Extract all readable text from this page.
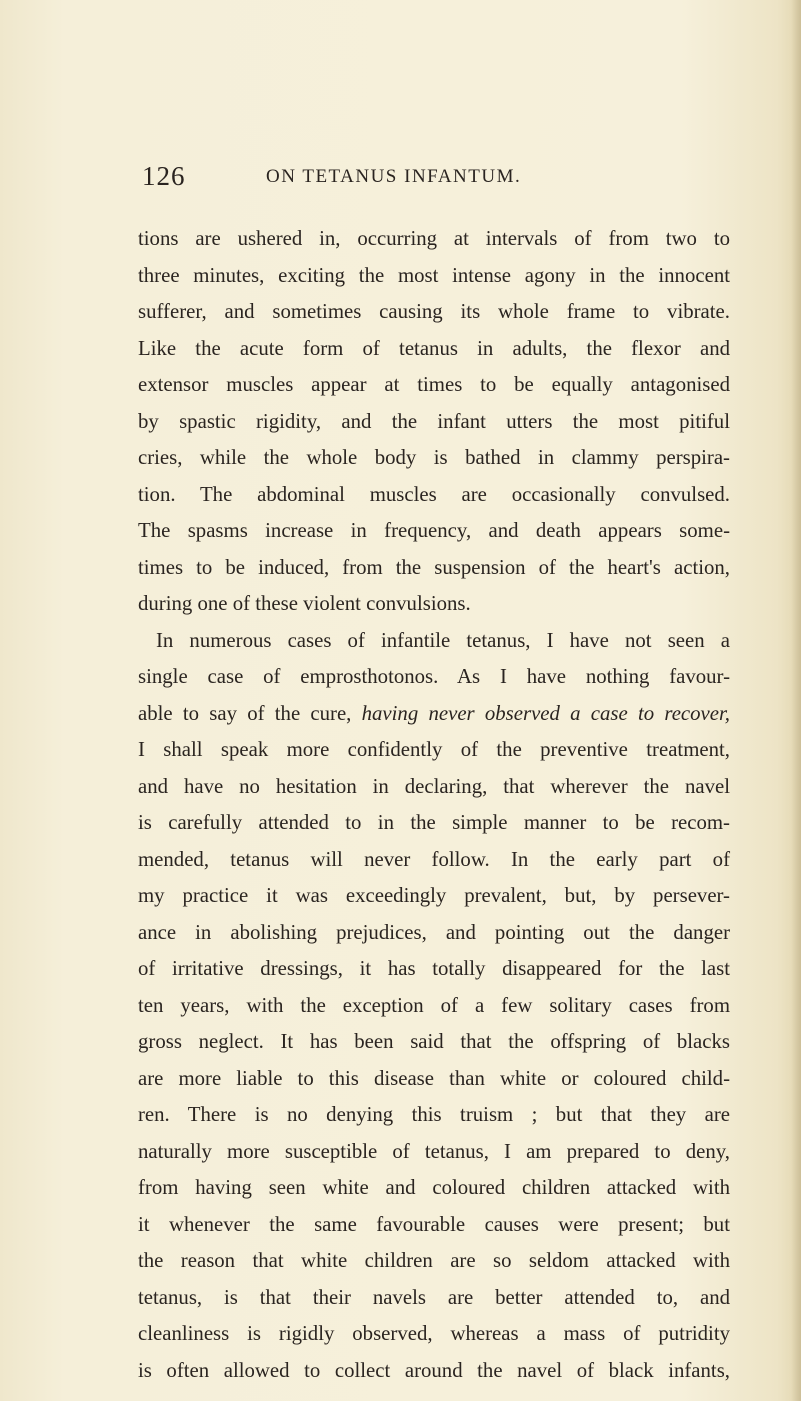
126	ON TETANUS INFANTUM.
tions are ushered in, occurring at intervals of from two to
three minutes, exciting the most intense agony in the innocent
sufferer, and sometimes causing its whole frame to vibrate.
Like the acute form of tetanus in adults, the flexor and
extensor muscles appear at times to be equally antagonised
by spastic rigidity, and the infant utters the most pitiful
cries, while the whole body is bathed in clammy perspira-
tion. The abdominal muscles are occasionally convulsed.
The spasms increase in frequency, and death appears some-
times to be induced, from the suspension of the heart's action,
during one of these violent convulsions.
In numerous cases of infantile tetanus, I have not seen a
single case of emprosthotonos. As I have nothing favour-
able to say of the cure, having never observed a case to recover,
I shall speak more confidently of the preventive treatment,
and have no hesitation in declaring, that wherever the navel
is carefully attended to in the simple manner to be recom-
mended, tetanus will never follow. In the early part of
my practice it was exceedingly prevalent, but, by persever-
ance in abolishing prejudices, and pointing out the danger
of irritative dressings, it has totally disappeared for the last
ten years, with the exception of a few solitary cases from
gross neglect. It has been said that the offspring of blacks
are more liable to this disease than white or coloured child-
ren. There is no denying this truism ; but that they are
naturally more susceptible of tetanus, I am prepared to deny,
from having seen white and coloured children attacked with
it whenever the same favourable causes were present; but
the reason that white children are so seldom attacked with
tetanus, is that their navels are better attended to, and
cleanliness is rigidly observed, whereas a mass of putridity
is often allowed to collect around the navel of black infants,
